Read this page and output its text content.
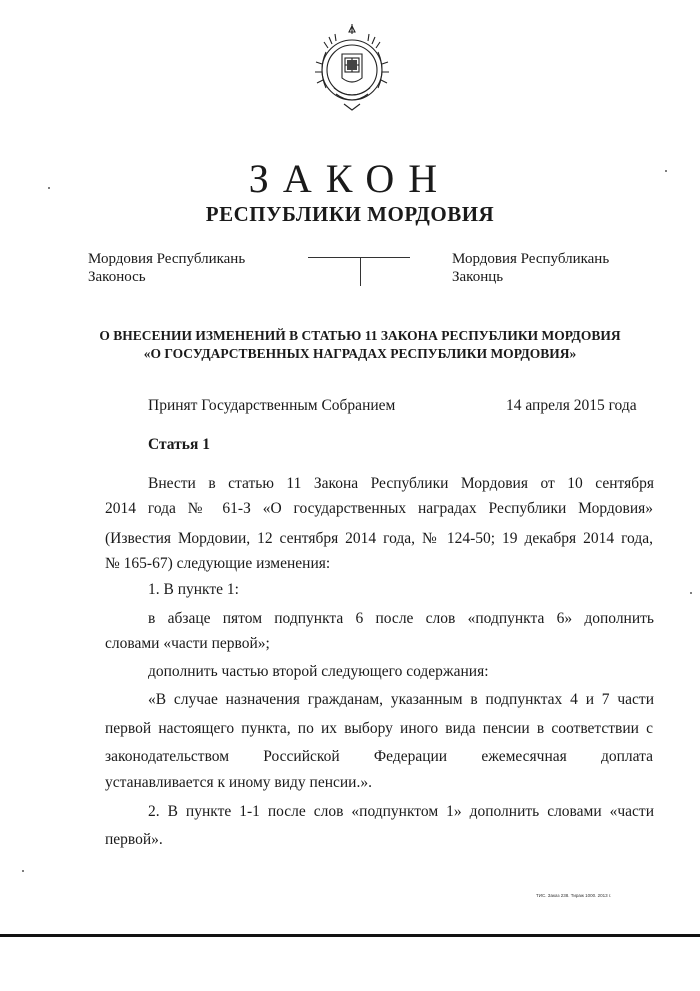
ЗАКОН
РЕСПУБЛИКИ МОРДОВИЯ
Мордовия Республикань
Законось
Мордовия Республикань
Законць
О ВНЕСЕНИИ ИЗМЕНЕНИЙ В СТАТЬЮ 11 ЗАКОНА РЕСПУБЛИКИ МОРДОВИЯ
«О ГОСУДАРСТВЕННЫХ НАГРАДАХ РЕСПУБЛИКИ МОРДОВИЯ»
Принят Государственным Собранием	14 апреля 2015 года
Статья 1
Внести в статью 11 Закона Республики Мордовия от 10 сентября
2014 года № 61-З «О государственных наградах Республики Мордовия»
(Известия Мордовии, 12 сентября 2014 года, № 124-50; 19 декабря 2014 года,
№ 165-67) следующие изменения:
1. В пункте 1:
в абзаце пятом подпункта 6 после слов «подпункта 6» дополнить
словами «части первой»;
дополнить частью второй следующего содержания:
«В случае назначения гражданам, указанным в подпунктах 4 и 7 части
первой настоящего пункта, по их выбору иного вида пенсии в соответствии с
законодательством Российской Федерации ежемесячная доплата
устанавливается к иному виду пенсии.».
2. В пункте 1-1 после слов «подпунктом 1» дополнить словами «части
первой».
ТИС. Заказ 238. Тираж 1000. 2013 г.
